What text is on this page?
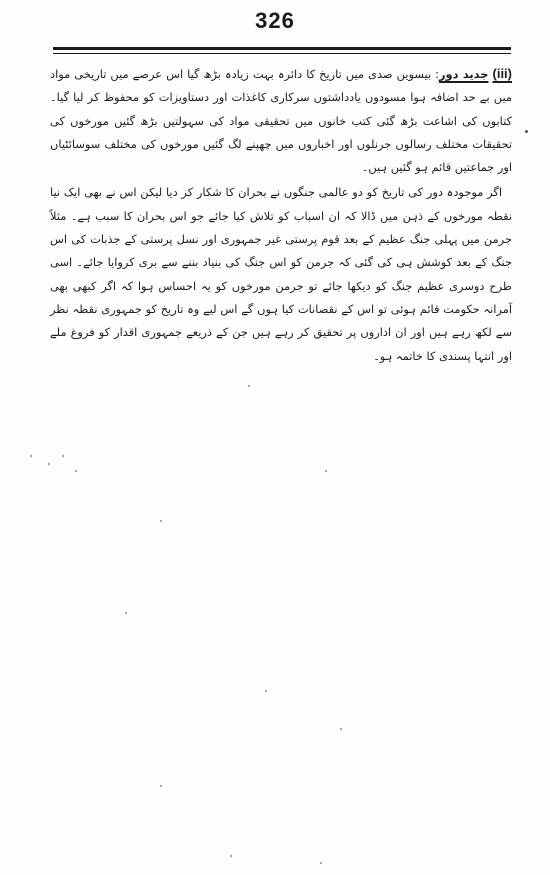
326

(iii) جدید دور: بیسویں صدی میں تاریخ کا دائرہ بہت زیادہ بڑھ گیا اس عرصے میں تاریخی مواد میں بے حد اضافہ ہوا مسودوں یادداشتوں سرکاری کاغذات اور دستاویزات کو محفوظ کر لیا گیا۔ کتابوں کی اشاعت بڑھ گئی کتب خانوں میں تحقیقی مواد کی سہولتیں بڑھ گئیں مورخوں کی تحقیقات مختلف رسالوں جرنلوں اور اخباروں میں چھپنے لگ گئیں مورخوں کی مختلف سوسائٹیاں اور جماعتیں قائم ہو گئیں ہیں۔

اگر موجودہ دور کی تاریخ کو دو عالمی جنگوں نے بحران کا شکار کر دیا لیکن اس نے بھی ایک نیا نقطہ مورخوں کے ذہن میں ڈالا کہ ان اسباب کو تلاش کیا جائے جو اس بحران کا سبب ہے۔ مثلاً جرمن میں پہلی جنگ عظیم کے بعد قوم پرستی غیر جمہوری اور نسل پرستی کے جذبات کی اس جنگ کے بعد کوشش ہی کی گئی کہ جرمن کو اس جنگ کی بنیاد بننے سے بری کروایا جائے۔ اسی طرح دوسری عظیم جنگ کو دیکھا جائے تو جرمن مورخوں کو یہ احساس ہوا کہ اگر کبھی بھی آمرانہ حکومت قائم ہوئی تو اس کے نقصانات کیا ہوں گے اس لیے وہ تاریخ کو جمہوری نقطہ نظر سے لکھ رہے ہیں اور ان اداروں پر تحقیق کر رہے ہیں جن کے ذریعے جمہوری اقدار کو فروغ ملے اور انتہا پسندی کا خاتمہ ہو۔
